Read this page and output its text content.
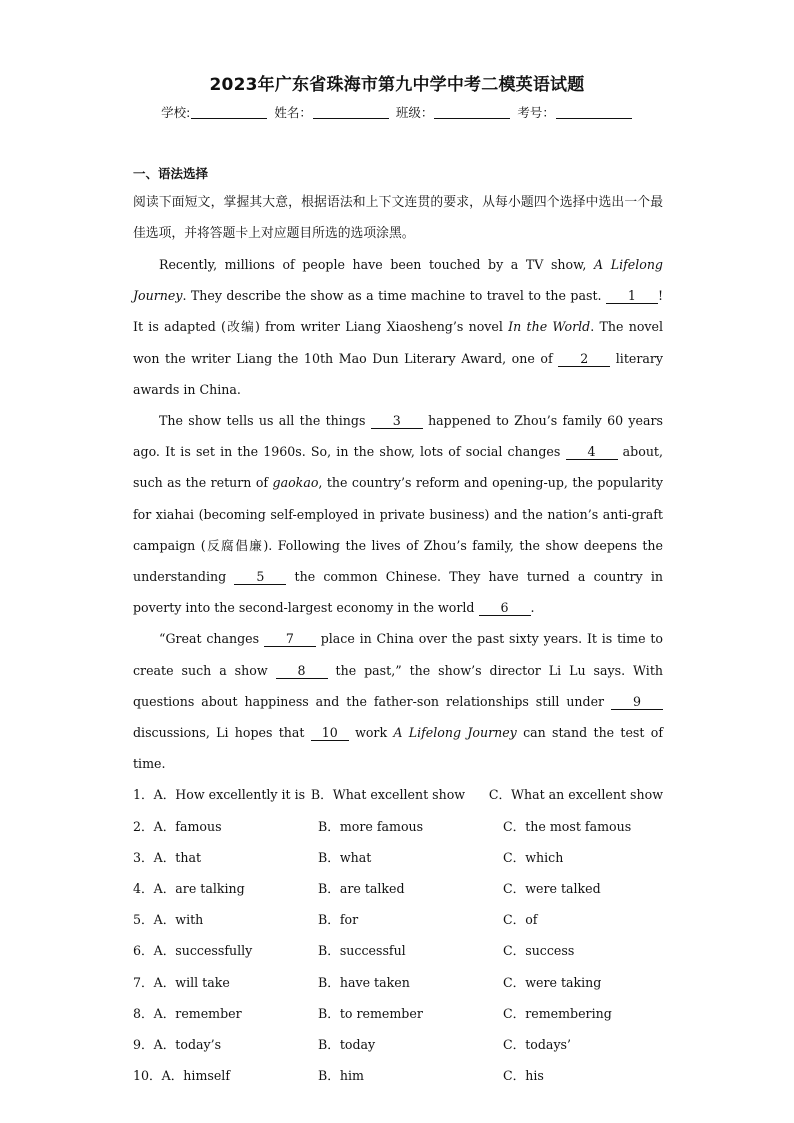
2023年广东省珠海市第九中学中考二模英语试题
学校:	姓名：	班级：	考号：
一、语法选择
阅读下面短文，掌握其大意，根据语法和上下文连贯的要求，从每小题四个选择中选出一个最佳选项，并将答题卡上对应题目所选的选项涂黑。
Recently, millions of people have been touched by a TV show, A Lifelong Journey. They describe the show as a time machine to travel to the past. 1 ! It is adapted (改编) from writer Liang Xiaosheng’s novel In the World. The novel won the writer Liang the 10th Mao Dun Literary Award, one of 2 literary awards in China.
The show tells us all the things 3 happened to Zhou’s family 60 years ago. It is set in the 1960s. So, in the show, lots of social changes 4 about, such as the return of gaokao, the country’s reform and opening-up, the popularity for xiahai (becoming self-employed in private business) and the nation’s anti-graft campaign (反腐倡廉). Following the lives of Zhou’s family, the show deepens the understanding 5 the common Chinese. They have turned a country in poverty into the second-largest economy in the world 6 .
“Great changes 7 place in China over the past sixty years. It is time to create such a show 8 the past,” the show’s director Li Lu says. With questions about happiness and the father-son relationships still under 9 discussions, Li hopes that 10 work A Lifelong Journey can stand the test of time.
1．A．How excellently it is B．What excellent show	C．What an excellent show
2．A．famous	B．more famous	C．the most famous
3．A．that	B．what	C．which
4．A．are talking	B．are talked	C．were talked
5．A．with	B．for	C．of
6．A．successfully	B．successful	C．success
7．A．will take	B．have taken	C．were taking
8．A．remember	B．to remember	C．remembering
9．A．today’s	B．today	C．todays’
10．A．himself	B．him	C．his
